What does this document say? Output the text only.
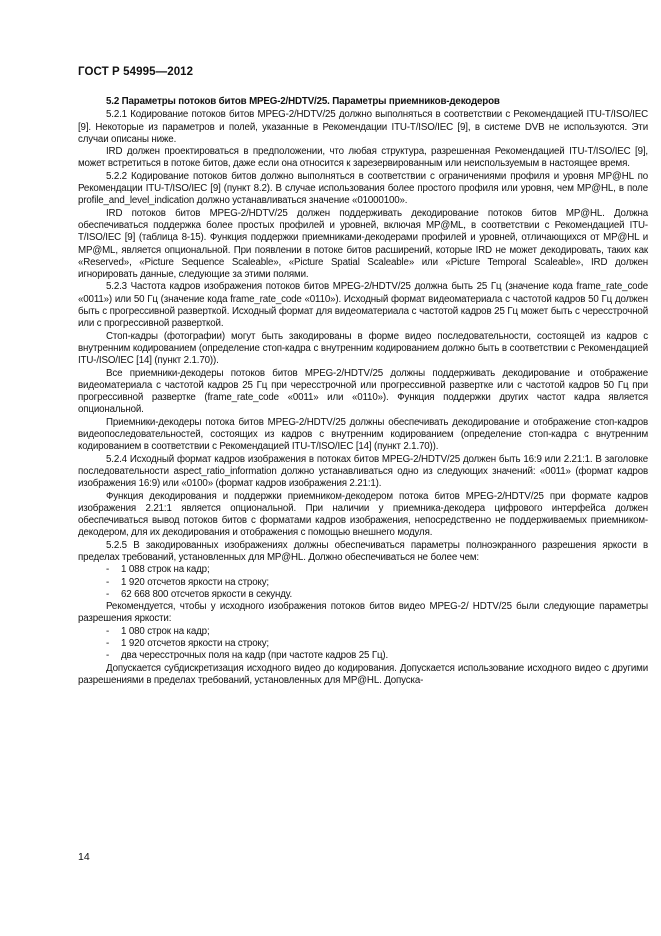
ГОСТ Р 54995—2012
5.2 Параметры потоков битов MPEG-2/HDTV/25. Параметры приемников-декодеров

5.2.1 Кодирование потоков битов MPEG-2/HDTV/25 должно выполняться в соответствии с Рекомендацией ITU-T/ISO/IEC [9]. Некоторые из параметров и полей, указанные в Рекомендации ITU-T/ISO/IEC [9], в системе DVB не используются. Эти случаи описаны ниже.

IRD должен проектироваться в предположении, что любая структура, разрешенная Рекомендацией ITU-T/ISO/IEC [9], может встретиться в потоке битов, даже если она относится к зарезервированным или неиспользуемым в настоящее время.

5.2.2 Кодирование потоков битов должно выполняться в соответствии с ограничениями профиля и уровня MP@HL по Рекомендации ITU-T/ISO/IEC [9] (пункт 8.2). В случае использования более простого профиля или уровня, чем MP@HL, в поле profile_and_level_indication должно устанавливаться значение «01000100».

IRD потоков битов MPEG-2/HDTV/25 должен поддерживать декодирование потоков битов MP@HL. Должна обеспечиваться поддержка более простых профилей и уровней, включая MP@ML, в соответствии с Рекомендацией ITU-T/ISO/IEC [9] (таблица 8-15). Функция поддержки приемниками-декодерами профилей и уровней, отличающихся от MP@HL и MP@ML, является опциональной. При появлении в потоке битов расширений, которые IRD не может декодировать, таких как «Reserved», «Picture Sequence Scaleable», «Picture Spatial Scaleable» или «Picture Temporal Scaleable», IRD должен игнорировать данные, следующие за этими полями.

5.2.3 Частота кадров изображения потоков битов MPEG-2/HDTV/25 должна быть 25 Гц (значение кода frame_rate_code «0011») или 50 Гц (значение кода frame_rate_code «0110»). Исходный формат видеоматериала с частотой кадров 50 Гц должен быть с прогрессивной разверткой. Исходный формат для видеоматериала с частотой кадров 25 Гц может быть с чересстрочной или с прогрессивной разверткой.

Стоп-кадры (фотографии) могут быть закодированы в форме видео последовательности, состоящей из кадров с внутренним кодированием (определение стоп-кадра с внутренним кодированием должно быть в соответствии с Рекомендацией ITU-/ISO/IEC [14] (пункт 2.1.70)).

Все приемники-декодеры потоков битов MPEG-2/HDTV/25 должны поддерживать декодирование и отображение видеоматериала с частотой кадров 25 Гц при чересстрочной или прогрессивной развертке или с частотой кадров 50 Гц при прогрессивной развертке (frame_rate_code «0011» или «0110»). Функция поддержки других частот кадра является опциональной.

Приемники-декодеры потока битов MPEG-2/HDTV/25 должны обеспечивать декодирование и отображение стоп-кадров видеопоследовательностей, состоящих из кадров с внутренним кодированием (определение стоп-кадра с внутренним кодированием в соответствии с Рекомендацией ITU-T/ISO/IEC [14] (пункт 2.1.70)).

5.2.4 Исходный формат кадров изображения в потоках битов MPEG-2/HDTV/25 должен быть 16:9 или 2.21:1. В заголовке последовательности aspect_ratio_information должно устанавливаться одно из следующих значений: «0011» (формат кадров изображения 16:9) или «0100» (формат кадров изображения 2.21:1).

Функция декодирования и поддержки приемником-декодером потока битов MPEG-2/HDTV/25 при формате кадров изображения 2.21:1 является опциональной. При наличии у приемника-декодера цифрового интерфейса должен обеспечиваться вывод потоков битов с форматами кадров изображения, непосредственно не поддерживаемых приемником-декодером, для их декодирования и отображения с помощью внешнего модуля.

5.2.5 В закодированных изображениях должны обеспечиваться параметры полноэкранного разрешения яркости в пределах требований, установленных для MP@HL. Должно обеспечиваться не более чем:

-	1 088 строк на кадр;
-	1 920 отсчетов яркости на строку;
-	62 668 800 отсчетов яркости в секунду.

Рекомендуется, чтобы у исходного изображения потоков битов видео MPEG-2/ HDTV/25 были следующие параметры разрешения яркости:

-	1 080 строк на кадр;
-	1 920 отсчетов яркости на строку;
-	два чересстрочных поля на кадр (при частоте кадров 25 Гц).

Допускается субдискретизация исходного видео до кодирования. Допускается использование исходного видео с другими разрешениями в пределах требований, установленных для MP@HL. Допуска-

14
